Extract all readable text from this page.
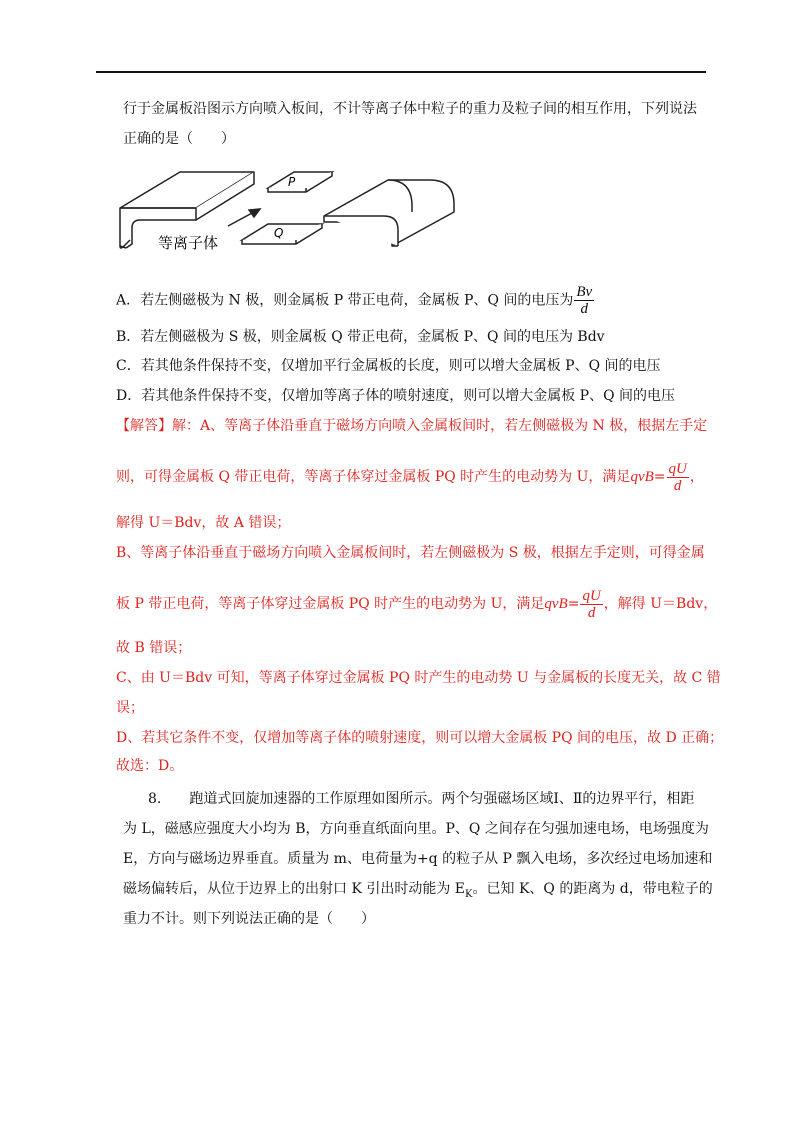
行于金属板沿图示方向喷入板间，不计等离子体中粒子的重力及粒子间的相互作用，下列说法
正确的是（　　）
P
Q
等离子体
A．若左侧磁极为 N 极，则金属板 P 带正电荷，金属板 P、Q 间的电压为 $\frac{Bv}{d}$
B．若左侧磁极为 S 极，则金属板 Q 带正电荷，金属板 P、Q 间的电压为 Bdv
C．若其他条件保持不变，仅增加平行金属板的长度，则可以增大金属板 P、Q 间的电压
D．若其他条件保持不变，仅增加等离子体的喷射速度，则可以增大金属板 P、Q 间的电压
【解答】解：A、等离子体沿垂直于磁场方向喷入金属板间时，若左侧磁极为 N 极，根据左手定
则，可得金属板 Q 带正电荷，等离子体穿过金属板 PQ 时产生的电动势为 U，满足$qvB= \frac{qU}{d}$ ，
解得 U＝Bdv，故 A 错误；
B、等离子体沿垂直于磁场方向喷入金属板间时，若左侧磁极为 S 极，根据左手定则，可得金属
板 P 带正电荷，等离子体穿过金属板 PQ 时产生的电动势为 U，满足$qvB= \frac{qU}{d}$ ，解得 U＝Bdv，
故 B 错误；
C、由 U＝Bdv 可知，等离子体穿过金属板 PQ 时产生的电动势 U 与金属板的长度无关，故 C 错
误；
D、若其它条件不变，仅增加等离子体的喷射速度，则可以增大金属板 PQ 间的电压，故 D 正确；
故选：D。
8.　　跑道式回旋加速器的工作原理如图所示。两个匀强磁场区域Ⅰ、Ⅱ的边界平行，相距
为 L，磁感应强度大小均为 B，方向垂直纸面向里。P、Q 之间存在匀强加速电场，电场强度为
E，方向与磁场边界垂直。质量为 m、电荷量为+q 的粒子从 P 飘入电场，多次经过电场加速和
磁场偏转后，从位于边界上的出射口 K 引出时动能为 $E_K$。已知 K、Q 的距离为 d，带电粒子的
重力不计。则下列说法正确的是（　　）
